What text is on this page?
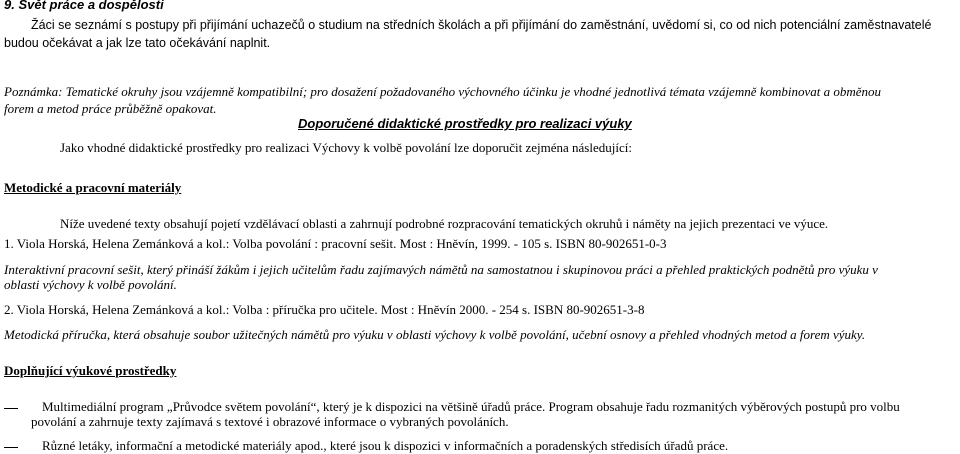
9. Svět práce a dospělosti
Žáci se seznámí s postupy při přijímání uchazečů o studium na středních školách a při přijímání do zaměstnání, uvědomí si, co od nich potenciální zaměstnavatelé
budou očekávat a jak lze tato očekávání naplnit.
Poznámka: Tematické okruhy jsou vzájemně kompatibilní; pro dosažení požadovaného výchovného účinku je vhodné jednotlivá témata vzájemně kombinovat a obměnou
forem a metod práce průběžně opakovat.
Doporučené didaktické prostředky pro realizaci výuky
Jako vhodné didaktické prostředky pro realizaci Výchovy k volbě povolání lze doporučit zejména následující:
Metodické a pracovní materiály
Níže uvedené texty obsahují pojetí vzdělávací oblasti a zahrnují podrobné rozpracování tematických okruhů i náměty na jejich prezentaci ve výuce.
1. Viola Horská, Helena Zemánková a kol.: Volba povolání : pracovní sešit. Most : Hněvín, 1999. - 105 s. ISBN 80-902651-0-3
Interaktivní pracovní sešit, který přináší žákům i jejich učitelům řadu zajímavých námětů na samostatnou i skupinovou práci a přehled praktických podnětů pro výuku v
oblasti výchovy k volbě povolání.
2. Viola Horská, Helena Zemánková a kol.: Volba : příručka pro učitele. Most : Hněvín 2000. - 254 s. ISBN 80-902651-3-8
Metodická příručka, která obsahuje soubor užitečných námětů pro výuku v oblasti výchovy k volbě povolání, učební osnovy a přehled vhodných metod a forem výuky.
Doplňující výukové prostředky
Multimediální program „Průvodce světem povolání“, který je k dispozici na většině úřadů práce. Program obsahuje řadu rozmanitých výběrových postupů pro volbu
povolání a zahrnuje texty zajímavá s textové i obrazové informace o vybraných povoláních.
Různé letáky, informační a metodické materiály apod., které jsou k dispozici v informačních a poradenských středisích úřadů práce.
